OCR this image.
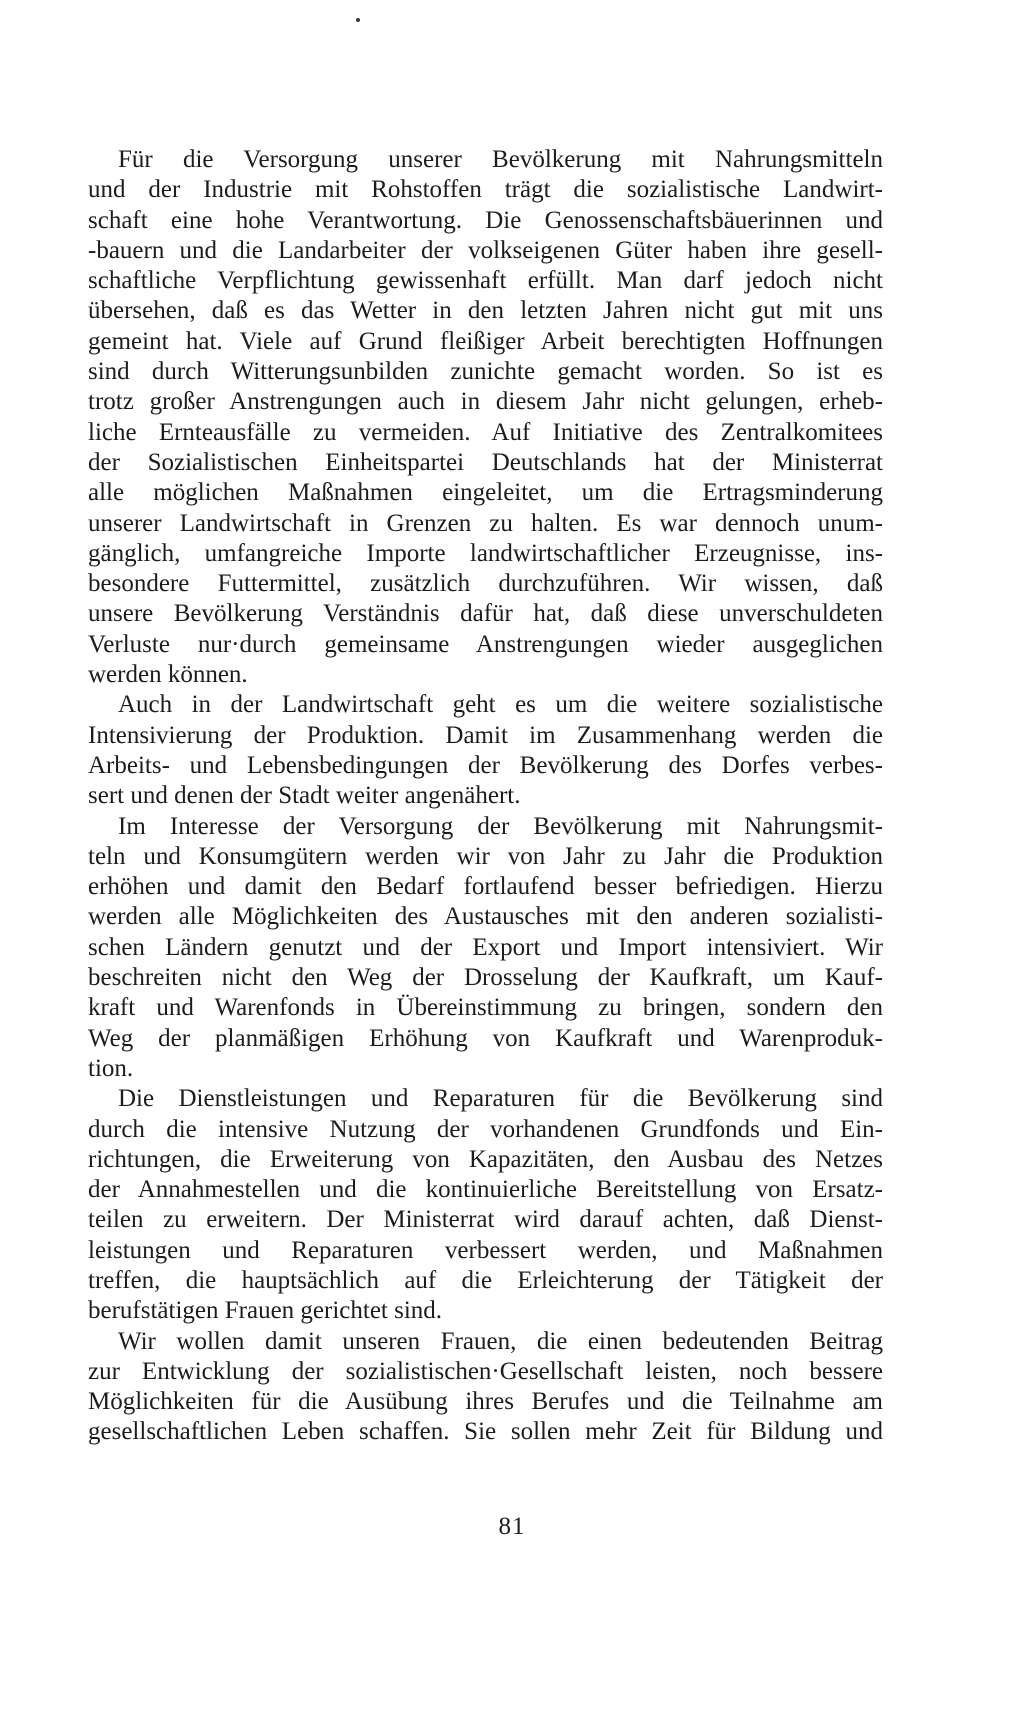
Für die Versorgung unserer Bevölkerung mit Nahrungsmitteln
und der Industrie mit Rohstoffen trägt die sozialistische Landwirt-
schaft eine hohe Verantwortung. Die Genossenschaftsbäuerinnen und
-bauern und die Landarbeiter der volkseigenen Güter haben ihre gesell-
schaftliche Verpflichtung gewissenhaft erfüllt. Man darf jedoch nicht
übersehen, daß es das Wetter in den letzten Jahren nicht gut mit uns
gemeint hat. Viele auf Grund fleißiger Arbeit berechtigten Hoffnungen
sind durch Witterungsunbilden zunichte gemacht worden. So ist es
trotz großer Anstrengungen auch in diesem Jahr nicht gelungen, erheb-
liche Ernteausfälle zu vermeiden. Auf Initiative des Zentralkomitees
der Sozialistischen Einheitspartei Deutschlands hat der Ministerrat
alle möglichen Maßnahmen eingeleitet, um die Ertragsminderung
unserer Landwirtschaft in Grenzen zu halten. Es war dennoch unum-
gänglich, umfangreiche Importe landwirtschaftlicher Erzeugnisse, ins-
besondere Futtermittel, zusätzlich durchzuführen. Wir wissen, daß
unsere Bevölkerung Verständnis dafür hat, daß diese unverschuldeten
Verluste nur·durch gemeinsame Anstrengungen wieder ausgeglichen
werden können.
Auch in der Landwirtschaft geht es um die weitere sozialistische
Intensivierung der Produktion. Damit im Zusammenhang werden die
Arbeits- und Lebensbedingungen der Bevölkerung des Dorfes verbes-
sert und denen der Stadt weiter angenähert.
Im Interesse der Versorgung der Bevölkerung mit Nahrungsmit-
teln und Konsumgütern werden wir von Jahr zu Jahr die Produktion
erhöhen und damit den Bedarf fortlaufend besser befriedigen. Hierzu
werden alle Möglichkeiten des Austausches mit den anderen sozialisti-
schen Ländern genutzt und der Export und Import intensiviert. Wir
beschreiten nicht den Weg der Drosselung der Kaufkraft, um Kauf-
kraft und Warenfonds in Übereinstimmung zu bringen, sondern den
Weg der planmäßigen Erhöhung von Kaufkraft und Warenproduk-
tion.
Die Dienstleistungen und Reparaturen für die Bevölkerung sind
durch die intensive Nutzung der vorhandenen Grundfonds und Ein-
richtungen, die Erweiterung von Kapazitäten, den Ausbau des Netzes
der Annahmestellen und die kontinuierliche Bereitstellung von Ersatz-
teilen zu erweitern. Der Ministerrat wird darauf achten, daß Dienst-
leistungen und Reparaturen verbessert werden, und Maßnahmen
treffen, die hauptsächlich auf die Erleichterung der Tätigkeit der
berufstätigen Frauen gerichtet sind.
Wir wollen damit unseren Frauen, die einen bedeutenden Beitrag
zur Entwicklung der sozialistischen·Gesellschaft leisten, noch bessere
Möglichkeiten für die Ausübung ihres Berufes und die Teilnahme am
gesellschaftlichen Leben schaffen. Sie sollen mehr Zeit für Bildung und
81
